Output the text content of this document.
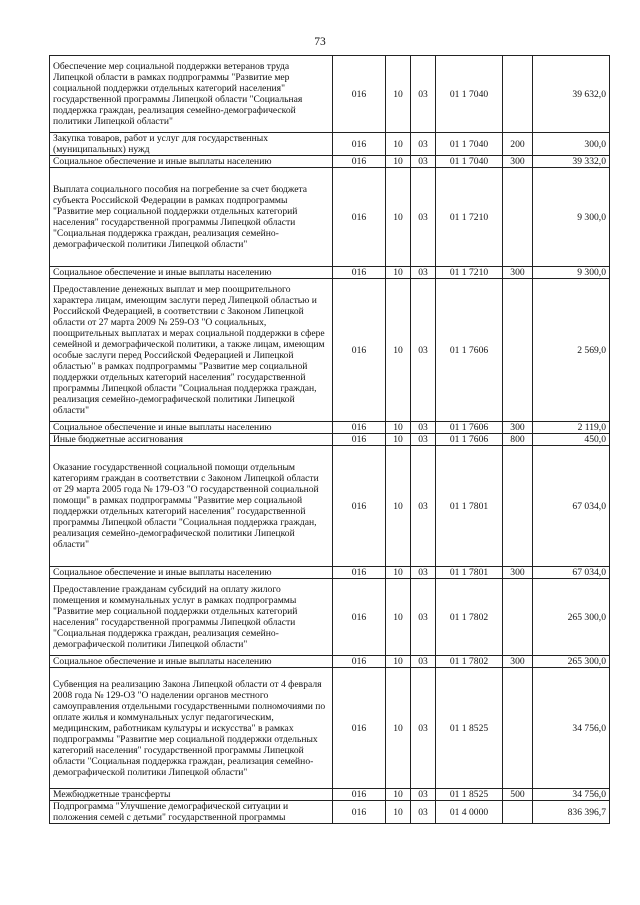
73
Обеспечение мер социальной поддержки ветеранов труда Липецкой области в рамках подпрограммы "Развитие мер социальной поддержки отдельных категорий населения" государственной программы Липецкой области "Социальная поддержка граждан, реализация семейно-демографической политики Липецкой области"	016	10	03	01 1 7040		39 632,0
Закупка товаров, работ и услуг для государственных (муниципальных) нужд	016	10	03	01 1 7040	200	300,0
Социальное обеспечение и иные выплаты населению	016	10	03	01 1 7040	300	39 332,0
Выплата социального пособия на погребение за счет бюджета субъекта Российской Федерации в рамках подпрограммы "Развитие мер социальной поддержки отдельных категорий населения" государственной программы Липецкой области "Социальная поддержка граждан, реализация семейно-демографической политики Липецкой области"	016	10	03	01 1 7210		9 300,0
Социальное обеспечение и иные выплаты населению	016	10	03	01 1 7210	300	9 300,0
Предоставление денежных выплат и мер поощрительного характера лицам, имеющим заслуги перед Липецкой областью и Российской Федерацией, в соответствии с Законом Липецкой области от 27 марта 2009 № 259-ОЗ "О социальных, поощрительных выплатах и мерах социальной поддержки в сфере семейной и демографической политики, а также лицам, имеющим особые заслуги перед Российской Федерацией и Липецкой областью" в рамках подпрограммы "Развитие мер социальной поддержки отдельных категорий населения" государственной программы Липецкой области "Социальная поддержка граждан, реализация семейно-демографической политики Липецкой области"	016	10	03	01 1 7606		2 569,0
Социальное обеспечение и иные выплаты населению	016	10	03	01 1 7606	300	2 119,0
Иные бюджетные ассигнования	016	10	03	01 1 7606	800	450,0
Оказание государственной социальной помощи отдельным категориям граждан в соответствии с Законом Липецкой области от 29 марта 2005 года № 179-ОЗ "О государственной социальной помощи" в рамках подпрограммы "Развитие мер социальной поддержки отдельных категорий населения" государственной программы Липецкой области "Социальная поддержка граждан, реализация семейно-демографической политики Липецкой области"	016	10	03	01 1 7801		67 034,0
Социальное обеспечение и иные выплаты населению	016	10	03	01 1 7801	300	67 034,0
Предоставление гражданам субсидий на оплату жилого помещения и коммунальных услуг в рамках подпрограммы "Развитие мер социальной поддержки отдельных категорий населения" государственной программы Липецкой области "Социальная поддержка граждан, реализация семейно-демографической политики Липецкой области"	016	10	03	01 1 7802		265 300,0
Социальное обеспечение и иные выплаты населению	016	10	03	01 1 7802	300	265 300,0
Субвенция на реализацию Закона Липецкой области от 4 февраля 2008 года № 129-ОЗ "О наделении органов местного самоуправления отдельными государственными полномочиями по оплате жилья и коммунальных услуг педагогическим, медицинским, работникам культуры и искусства" в рамках подпрограммы "Развитие мер социальной поддержки отдельных категорий населения" государственной программы Липецкой области "Социальная поддержка граждан, реализация семейно-демографической политики Липецкой области"	016	10	03	01 1 8525		34 756,0
Межбюджетные трансферты	016	10	03	01 1 8525	500	34 756,0
Подпрограмма "Улучшение демографической ситуации и положения семей с детьми" государственной программы	016	10	03	01 4 0000		836 396,7
